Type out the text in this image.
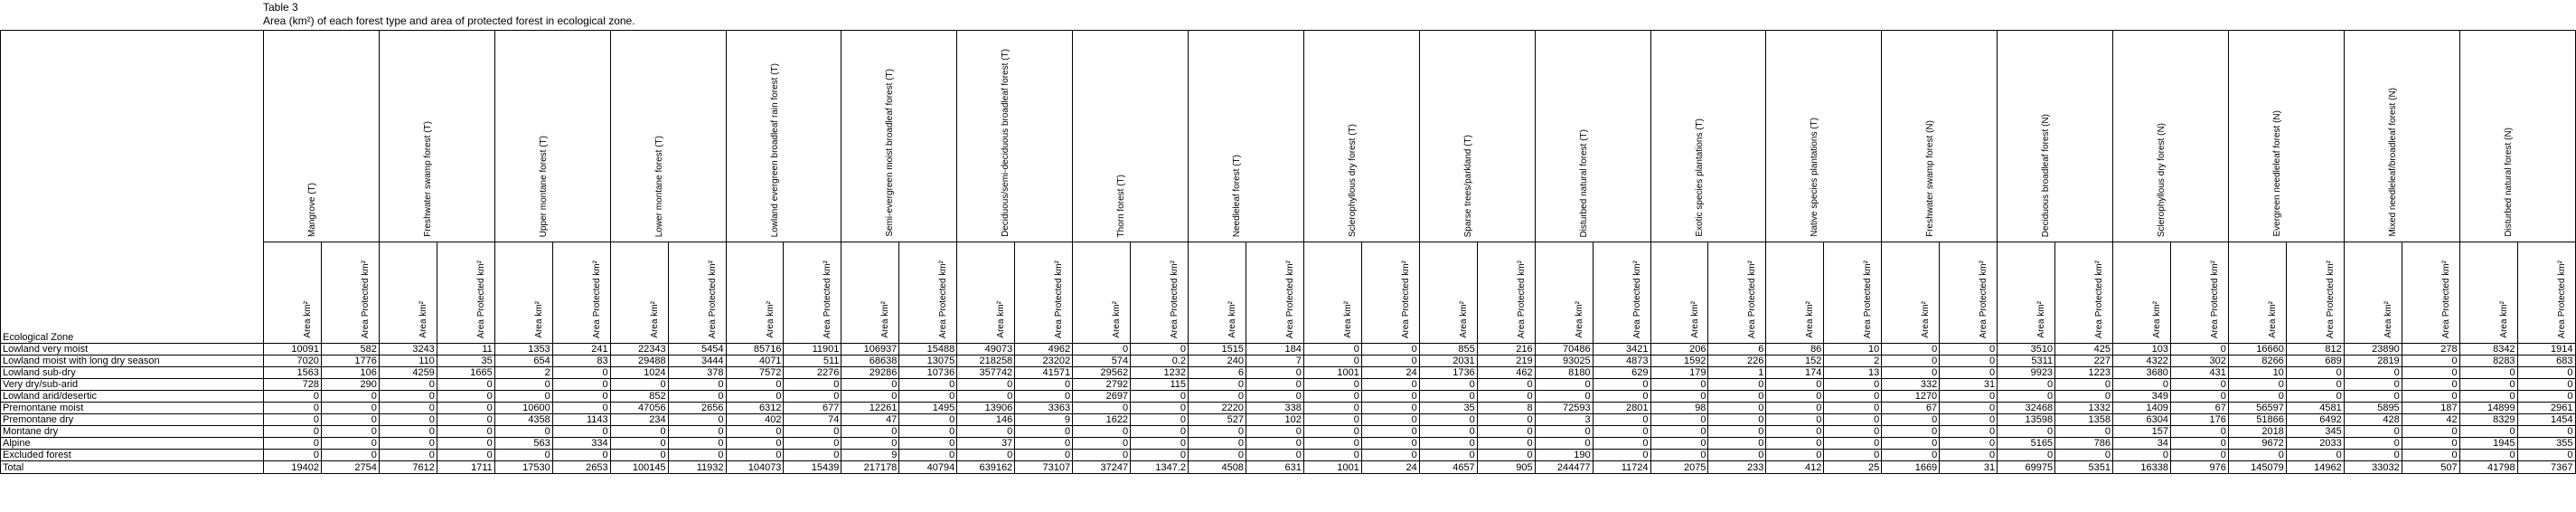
Table 3
Area (km²) of each forest type and area of protected forest in ecological zone.
Ecological Zone	Mangrove (T)		Freshwater swamp forest (T)		Upper montane forest (T)		Lower montane forest (T)		Lowland evergreen broadleaf rain forest (T)		Semi-evergreen moist broadleaf forest (T)		Deciduous/semi-deciduous broadleaf forest (T)		Thorn forest (T)		Needleleaf forest (T)		Sclerophyllous dry forest (T)		Sparse trees/parkland (T)		Disturbed natural forest (T)		Exotic species plantations (T)		Native species plantations (T)		Freshwater swamp forest (N)		Deciduous broadleaf forest (N)		Sclerophyllous dry forest (N)		Evergreen needleleaf forest (N)		Mixed needleleaf/broadleaf forest (N)		Disturbed natural forest (N)	
	Area km²	Area Protected km²	Area km²	Area Protected km²	Area km²	Area Protected km²	Area km²	Area Protected km²	Area km²	Area Protected km²	Area km²	Area Protected km²	Area km²	Area Protected km²	Area km²	Area Protected km²	Area km²	Area Protected km²	Area km²	Area Protected km²	Area km²	Area Protected km²	Area km²	Area Protected km²	Area km²	Area Protected km²	Area km²	Area Protected km²	Area km²	Area Protected km²	Area km²	Area Protected km²	Area km²	Area Protected km²	Area km²	Area Protected km²	Area km²	Area Protected km²	Area km²	Area Protected km²
Lowland very moist	10091	582	3243	11	1353	241	22343	5454	85716	11901	106937	15488	49073	4962	0	0	1515	184	0	0	855	216	70486	3421	206	6	86	10	0	0	3510	425	103	0	16660	812	23890	278	8342	1914
Lowland moist with long dry season	7020	1776	110	35	654	83	29488	3444	4071	511	68638	13075	218258	23202	574	0.2	240	7	0	0	2031	219	93025	4873	1592	226	152	2	0	0	5311	227	4322	302	8266	689	2819	0	8283	683
Lowland sub-dry	1563	106	4259	1665	2	0	1024	378	7572	2276	29286	10736	357742	41571	29562	1232	6	0	1001	24	1736	462	8180	629	179	1	174	13	0	0	9923	1223	3680	431	10	0	0	0	0	0
Very dry/sub-arid	728	290	0	0	0	0	0	0	0	0	0	0	0	0	2792	115	0	0	0	0	0	0	0	0	0	0	0	0	332	31	0	0	0	0	0	0	0	0	0	0
Lowland arid/desertic	0	0	0	0	0	0	852	0	0	0	0	0	0	0	2697	0	0	0	0	0	0	0	0	0	0	0	0	0	1270	0	0	0	349	0	0	0	0	0	0	0
Premontane moist	0	0	0	0	10600	0	47056	2656	6312	677	12261	1495	13906	3363	0	0	2220	338	0	0	35	8	72593	2801	98	0	0	0	67	0	32468	1332	1409	67	56597	4581	5895	187	14899	2961
Premontane dry	0	0	0	0	4358	1143	234	0	402	74	47	0	146	9	1622	0	527	102	0	0	0	0	3	0	0	0	0	0	0	0	13598	1358	6304	176	51866	6492	428	42	8329	1454
Montane dry	0	0	0	0	0	0	0	0	0	0	0	0	0	0	0	0	0	0	0	0	0	0	0	0	0	0	0	0	0	0	0	0	157	0	2018	345	0	0	0	0
Alpine	0	0	0	0	563	334	0	0	0	0	0	0	37	0	0	0	0	0	0	0	0	0	0	0	0	0	0	0	0	0	5165	786	34	0	9672	2033	0	0	1945	355
Excluded forest	0	0	0	0	0	0	0	0	0	0	9	0	0	0	0	0	0	0	0	0	0	0	190	0	0	0	0	0	0	0	0	0	0	0	0	0	0	0	0	0
Total	19402	2754	7612	1711	17530	2653	100145	11932	104073	15439	217178	40794	639162	73107	37247	1347.2	4508	631	1001	24	4657	905	244477	11724	2075	233	412	25	1669	31	69975	5351	16338	976	145079	14962	33032	507	41798	7367
